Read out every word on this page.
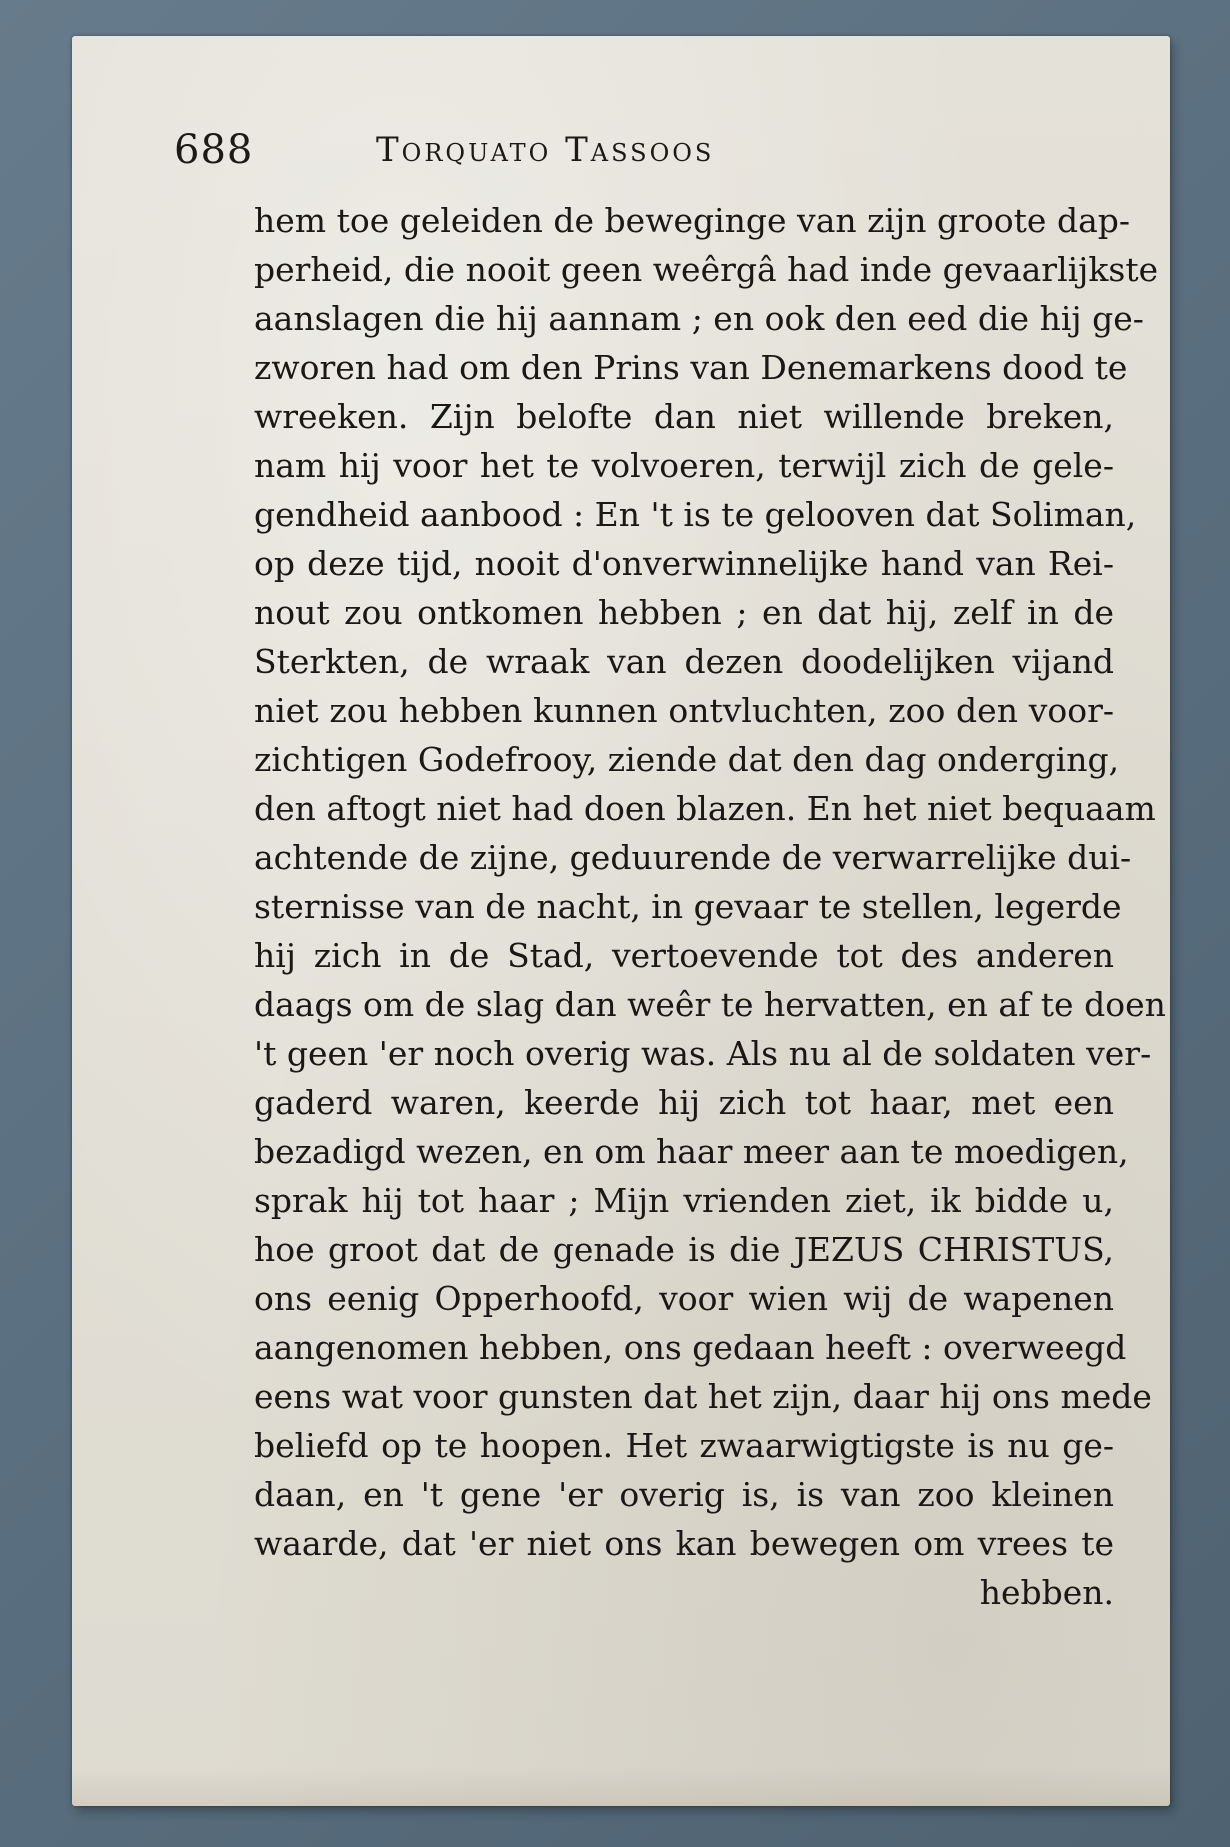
688	Torquato Tassoos
hem toe geleiden de beweginge van zijn groote dap-
perheid, die nooit geen weêrgâ had inde gevaarlijkste
aanslagen die hij aannam ; en ook den eed die hij ge-
zworen had om den Prins van Denemarkens dood te
wreeken. Zijn belofte dan niet willende breken,
nam hij voor het te volvoeren, terwijl zich de gele-
gendheid aanbood : En 't is te gelooven dat Soliman,
op deze tijd, nooit d'onverwinnelijke hand van Rei-
nout zou ontkomen hebben ; en dat hij, zelf in de
Sterkten, de wraak van dezen doodelijken vijand
niet zou hebben kunnen ontvluchten, zoo den voor-
zichtigen Godefrooy, ziende dat den dag onderging,
den aftogt niet had doen blazen. En het niet bequaam
achtende de zijne, geduurende de verwarrelijke dui-
sternisse van de nacht, in gevaar te stellen, legerde
hij zich in de Stad, vertoevende tot des anderen
daags om de slag dan weêr te hervatten, en af te doen
't geen 'er noch overig was. Als nu al de soldaten ver-
gaderd waren, keerde hij zich tot haar, met een
bezadigd wezen, en om haar meer aan te moedigen,
sprak hij tot haar ; Mijn vrienden ziet, ik bidde u,
hoe groot dat de genade is die JEZUS CHRISTUS,
ons eenig Opperhoofd, voor wien wij de wapenen
aangenomen hebben, ons gedaan heeft : overweegd
eens wat voor gunsten dat het zijn, daar hij ons mede
beliefd op te hoopen. Het zwaarwigtigste is nu ge-
daan, en 't gene 'er overig is, is van zoo kleinen
waarde, dat 'er niet ons kan bewegen om vrees te
hebben.
